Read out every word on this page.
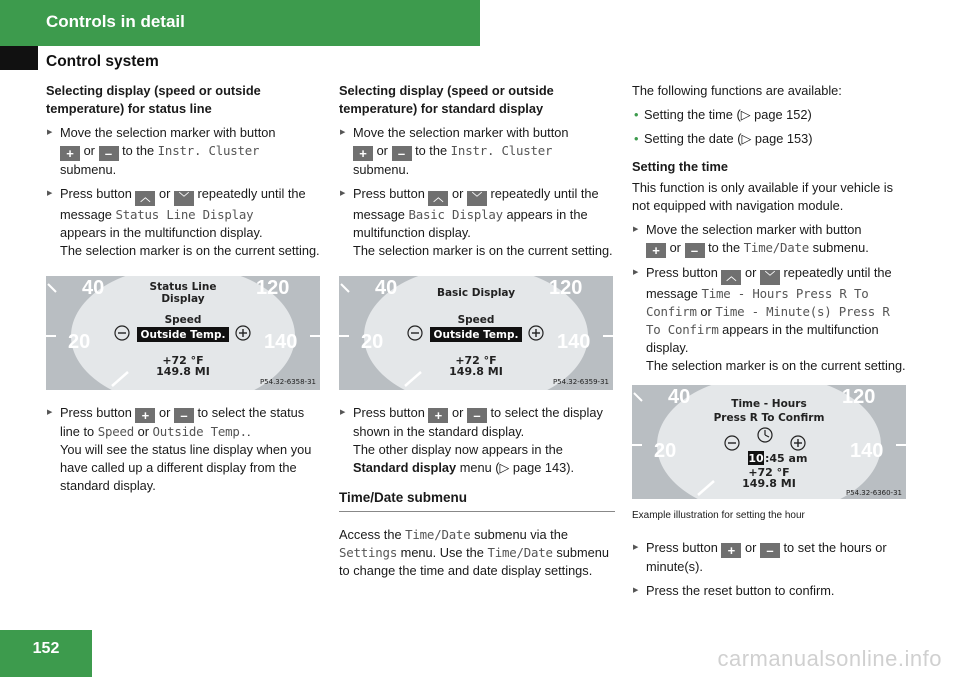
Controls in detail
Control system
Selecting display (speed or outside temperature) for status line
▶ Move the selection marker with button
+ or – to the Instr. Cluster
submenu.
▶ Press button ︿ or ﹀ repeatedly until the message Status Line Display
appears in the multifunction display.
The selection marker is on the current setting.
40
20
120
140
Status Line
Display
Speed
Outside Temp.
+72 °F
149.8 MI
P54.32-6358-31
▶ Press button + or – to select the status line to Speed or Outside Temp..
You will see the status line display when you have called up a different display from the standard display.
Selecting display (speed or outside temperature) for standard display
▶ Move the selection marker with button
+ or – to the Instr. Cluster
submenu.
▶ Press button ︿ or ﹀ repeatedly until the message Basic Display appears in the multifunction display.
The selection marker is on the current setting.
40
20
120
140
Basic Display
Speed
Outside Temp.
+72 °F
149.8 MI
P54.32-6359-31
▶ Press button + or – to select the display shown in the standard display.
The other display now appears in the
Standard display menu (▷ page 143).
Time/Date submenu
Access the Time/Date submenu via the
Settings menu. Use the Time/Date submenu to change the time and date display settings.
The following functions are available:
• Setting the time (▷ page 152)
• Setting the date (▷ page 153)
Setting the time
This function is only available if your vehicle is not equipped with navigation module.
▶ Move the selection marker with button
+ or – to the Time/Date submenu.
▶ Press button ︿ or ﹀ repeatedly until the message Time - Hours Press R To Confirm or Time - Minute(s) Press R To Confirm appears in the multifunction display.
The selection marker is on the current setting.
40
20
120
140
Time - Hours
Press R To Confirm
10 :45 am
+72 °F
149.8 MI
P54.32-6360-31
Example illustration for setting the hour
▶ Press button + or – to set the hours or minute(s).
▶ Press the reset button to confirm.
152	carmanualsonline.info
